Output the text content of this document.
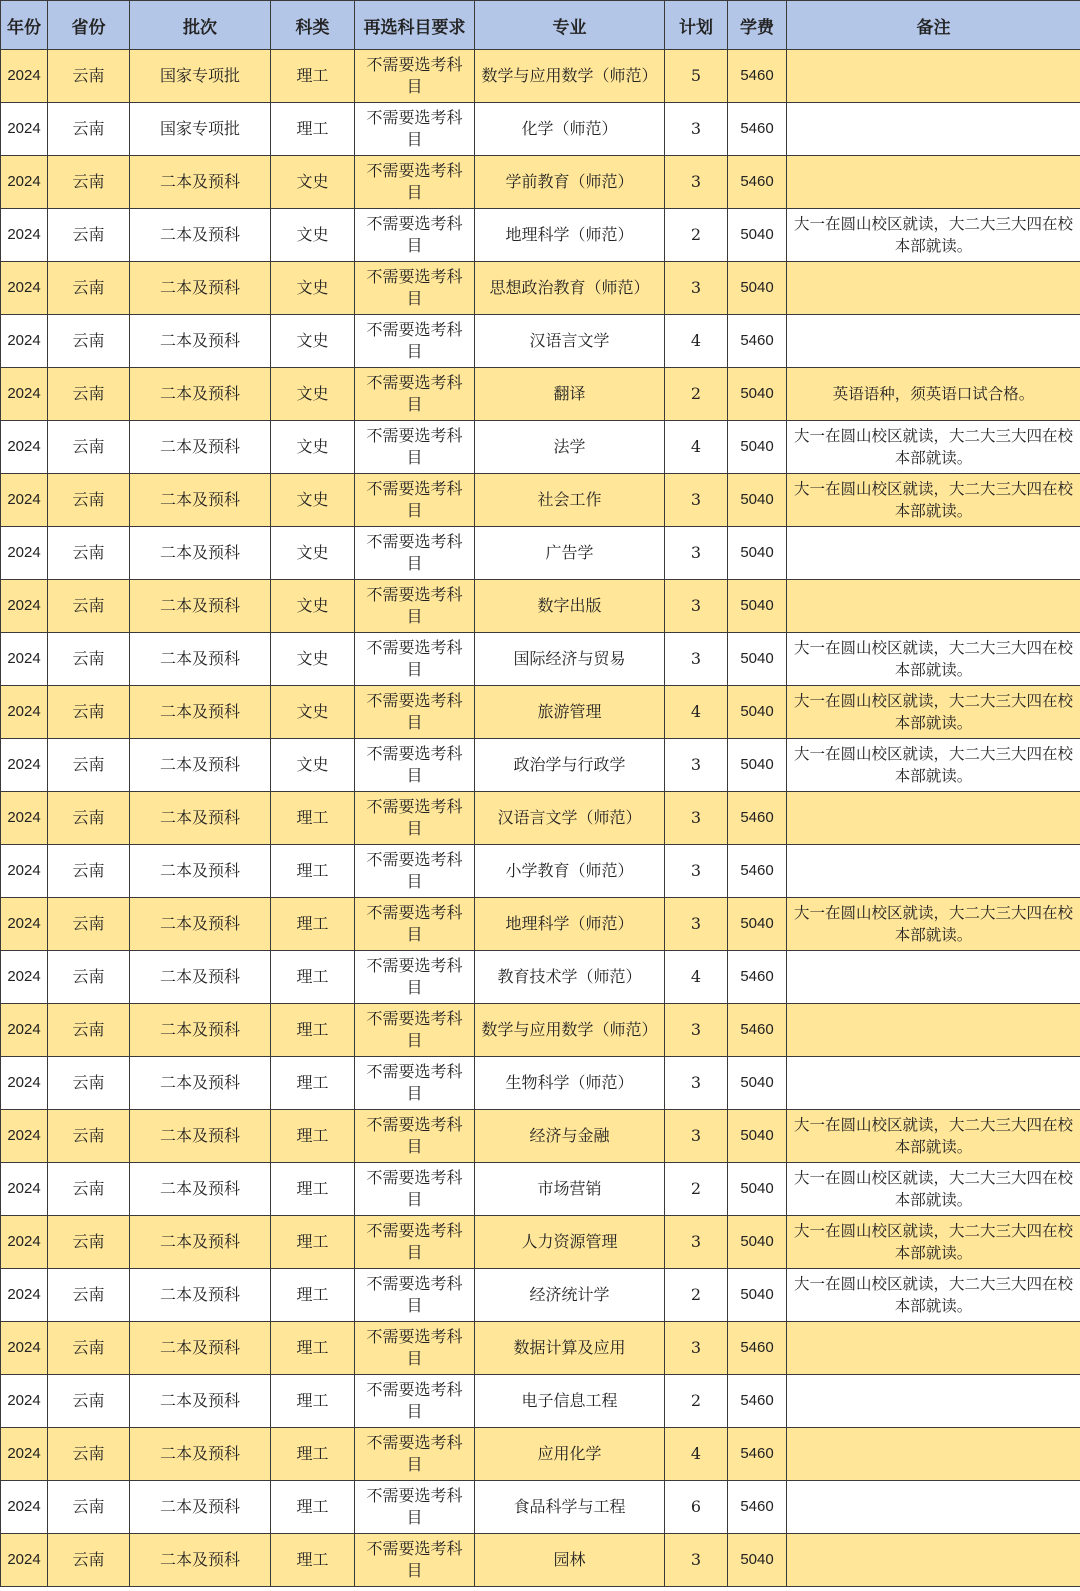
年份	省份	批次	科类	再选科目要求	专业	计划	学费	备注
2024	云南	国家专项批	理工	不需要选考科目	数学与应用数学（师范）	5	5460	
2024	云南	国家专项批	理工	不需要选考科目	化学（师范）	3	5460	
2024	云南	二本及预科	文史	不需要选考科目	学前教育（师范）	3	5460	
2024	云南	二本及预科	文史	不需要选考科目	地理科学（师范）	2	5040	大一在圆山校区就读，大二大三大四在校本部就读。
2024	云南	二本及预科	文史	不需要选考科目	思想政治教育（师范）	3	5040	
2024	云南	二本及预科	文史	不需要选考科目	汉语言文学	4	5460	
2024	云南	二本及预科	文史	不需要选考科目	翻译	2	5040	英语语种，须英语口试合格。
2024	云南	二本及预科	文史	不需要选考科目	法学	4	5040	大一在圆山校区就读，大二大三大四在校本部就读。
2024	云南	二本及预科	文史	不需要选考科目	社会工作	3	5040	大一在圆山校区就读，大二大三大四在校本部就读。
2024	云南	二本及预科	文史	不需要选考科目	广告学	3	5040	
2024	云南	二本及预科	文史	不需要选考科目	数字出版	3	5040	
2024	云南	二本及预科	文史	不需要选考科目	国际经济与贸易	3	5040	大一在圆山校区就读，大二大三大四在校本部就读。
2024	云南	二本及预科	文史	不需要选考科目	旅游管理	4	5040	大一在圆山校区就读，大二大三大四在校本部就读。
2024	云南	二本及预科	文史	不需要选考科目	政治学与行政学	3	5040	大一在圆山校区就读，大二大三大四在校本部就读。
2024	云南	二本及预科	理工	不需要选考科目	汉语言文学（师范）	3	5460	
2024	云南	二本及预科	理工	不需要选考科目	小学教育（师范）	3	5460	
2024	云南	二本及预科	理工	不需要选考科目	地理科学（师范）	3	5040	大一在圆山校区就读，大二大三大四在校本部就读。
2024	云南	二本及预科	理工	不需要选考科目	教育技术学（师范）	4	5460	
2024	云南	二本及预科	理工	不需要选考科目	数学与应用数学（师范）	3	5460	
2024	云南	二本及预科	理工	不需要选考科目	生物科学（师范）	3	5040	
2024	云南	二本及预科	理工	不需要选考科目	经济与金融	3	5040	大一在圆山校区就读，大二大三大四在校本部就读。
2024	云南	二本及预科	理工	不需要选考科目	市场营销	2	5040	大一在圆山校区就读，大二大三大四在校本部就读。
2024	云南	二本及预科	理工	不需要选考科目	人力资源管理	3	5040	大一在圆山校区就读，大二大三大四在校本部就读。
2024	云南	二本及预科	理工	不需要选考科目	经济统计学	2	5040	大一在圆山校区就读，大二大三大四在校本部就读。
2024	云南	二本及预科	理工	不需要选考科目	数据计算及应用	3	5460	
2024	云南	二本及预科	理工	不需要选考科目	电子信息工程	2	5460	
2024	云南	二本及预科	理工	不需要选考科目	应用化学	4	5460	
2024	云南	二本及预科	理工	不需要选考科目	食品科学与工程	6	5460	
2024	云南	二本及预科	理工	不需要选考科目	园林	3	5040	
